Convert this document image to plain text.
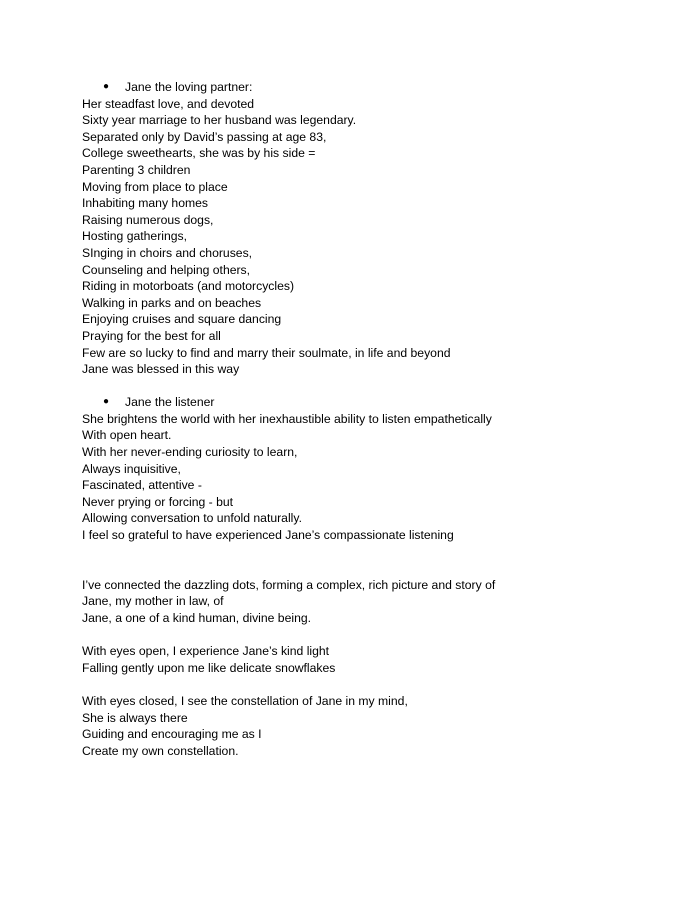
● Jane the loving partner:
Her steadfast love, and devoted
Sixty year marriage to her husband was legendary.
Separated only by David’s passing at age 83,
College sweethearts, she was by his side =
Parenting 3 children
Moving from place to place
Inhabiting many homes
Raising numerous dogs,
Hosting gatherings,
SInging in choirs and choruses,
Counseling and helping others,
Riding in motorboats (and motorcycles)
Walking in parks and on beaches
Enjoying cruises and square dancing
Praying for the best for all
Few are so lucky to find and marry their soulmate, in life and beyond
Jane was blessed in this way
● Jane the listener
She brightens the world with her inexhaustible ability to listen empathetically
With open heart.
With her never-ending curiosity to learn,
Always inquisitive,
Fascinated, attentive -
Never prying or forcing - but
Allowing conversation to unfold naturally.
I feel so grateful to have experienced Jane’s compassionate listening
I’ve connected the dazzling dots, forming a complex, rich picture and story of
Jane, my mother in law, of
Jane, a one of a kind human, divine being.
With eyes open, I experience Jane’s kind light
Falling gently upon me like delicate snowflakes
With eyes closed, I see the constellation of Jane in my mind,
She is always there
Guiding and encouraging me as I
Create my own constellation.
